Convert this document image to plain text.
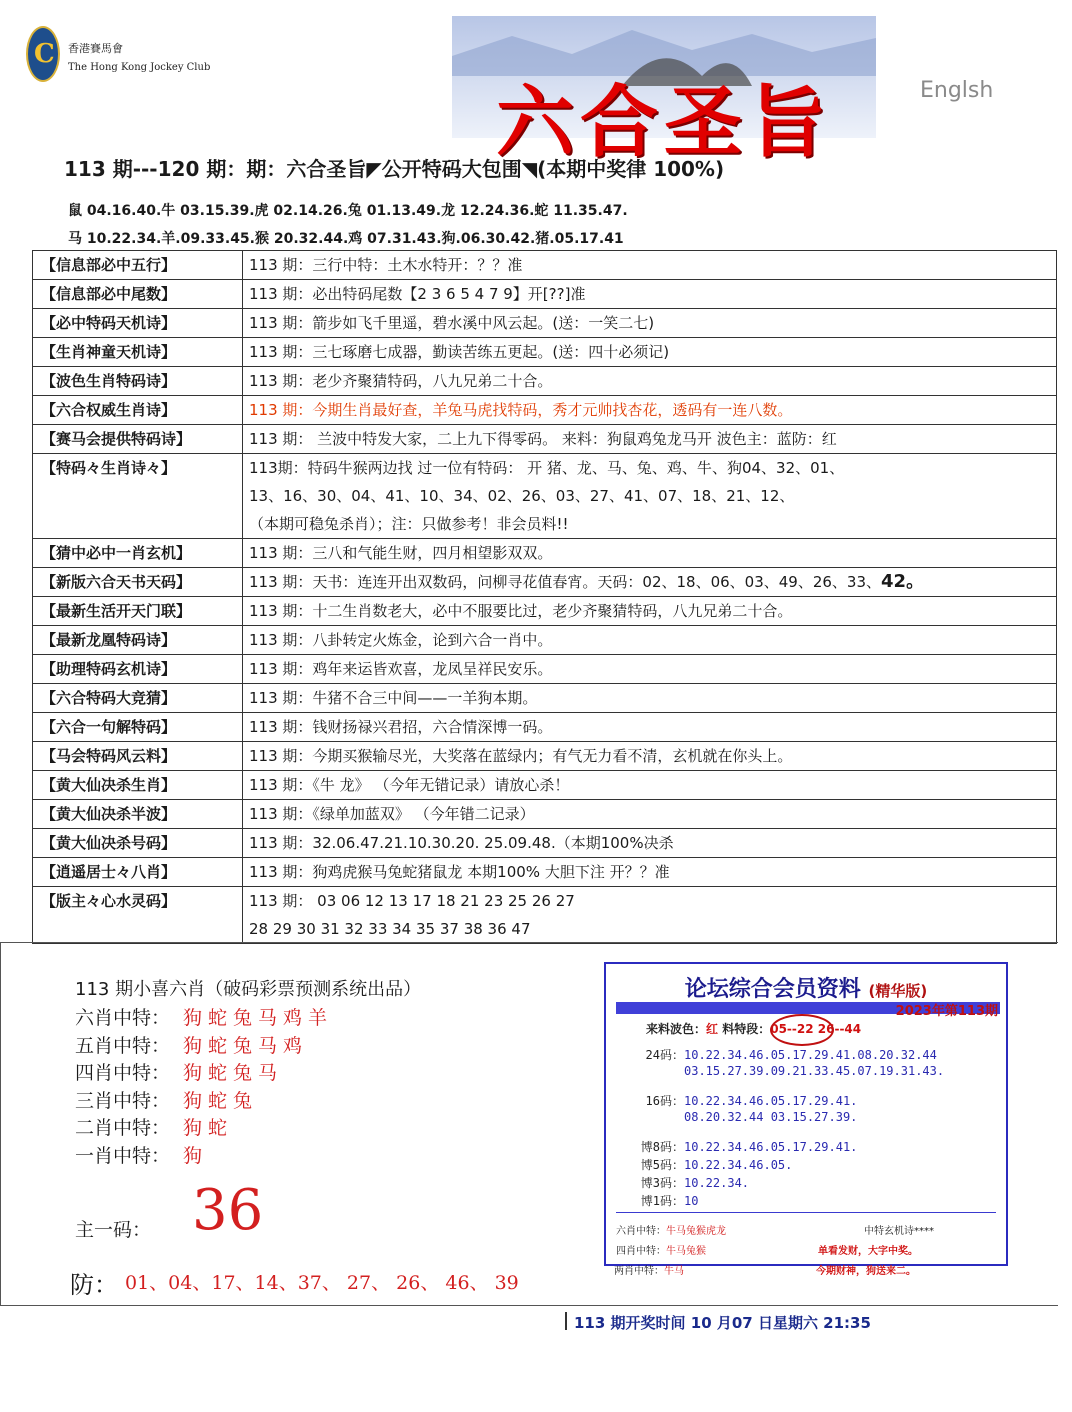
C
香港賽馬會
The Hong Kong Jockey Club
六合圣旨	Englsh
113 期---120 期：期：六合圣旨◤公开特码大包围◥(本期中奖律 100%)
鼠 04.16.40.牛 03.15.39.虎 02.14.26.兔 01.13.49.龙 12.24.36.蛇 11.35.47.
马 10.22.34.羊.09.33.45.猴 20.32.44.鸡 07.31.43.狗.06.30.42.猪.05.17.41
【信息部必中五行】	113 期：三行中特：土木水特开：？？准

【信息部必中尾数】	113 期：必出特码尾数【2 3 6 5 4 7 9】开[??]准

【必中特码天机诗】	113 期：箭步如飞千里遥，碧水溪中风云起。(送：一笑二七)

【生肖神童天机诗】	113 期：三七琢磨七成器，勤读苦练五更起。(送：四十必须记)

【波色生肖特码诗】	113 期：老少齐聚猜特码，八九兄弟二十合。

【六合权威生肖诗】	113 期：今期生肖最好查，羊兔马虎找特码，秀才元帅找杏花，透码有一连八数。

【赛马会提供特码诗】	113 期： 兰波中特发大家，二上九下得零码。 来料：狗鼠鸡兔龙马开 波色主：蓝防：红

【特码々生肖诗々】	113期：特码牛猴两边找 过一位有特码： 开 猪、龙、马、兔、鸡、牛、狗04、32、01、
13、16、30、04、41、10、34、02、26、03、27、41、07、18、21、12、
（本期可稳兔杀肖）；注：只做参考！非会员料!!

【猜中必中一肖玄机】	113 期：三八和气能生财，四月相望影双双。

【新版六合天书天码】	113 期：天书：连连开出双数码，问柳寻花值春宵。天码：02、18、06、03、49、26、33、42。

【最新生活开天门联】	113 期：十二生肖数老大，必中不服要比过，老少齐聚猜特码，八九兄弟二十合。

【最新龙凰特码诗】	113 期：八卦转定火炼金，论到六合一肖中。

【助理特码玄机诗】	113 期：鸡年来运皆欢喜，龙凤呈祥民安乐。

【六合特码大竞猜】	113 期：牛猪不合三中间——一羊狗本期。

【六合一句解特码】	113 期：钱财扬禄兴君招，六合情深博一码。

【马会特码风云料】	113 期：今期买猴输尽光，大奖落在蓝绿内；有气无力看不清，玄机就在你头上。

【黄大仙决杀生肖】	113 期：《牛 龙》 （今年无错记录）请放心杀！

【黄大仙决杀半波】	113 期：《绿单加蓝双》 （今年错二记录）

【黄大仙决杀号码】	113 期：32.06.47.21.10.30.20. 25.09.48.（本期100%决杀

【逍遥居士々八肖】	113 期：狗鸡虎猴马兔蛇猪鼠龙 本期100% 大胆下注 开？？准

【版主々心水灵码】	113 期： 03 06 12 13 17 18 21 23 25 26 27
28 29 30 31 32 33 34 35 37 38 36 47
113 期小喜六肖（破码彩票预测系统出品）
六肖中特： 狗蛇兔马鸡羊
五肖中特： 狗蛇兔马鸡
四肖中特： 狗蛇兔马
三肖中特： 狗蛇兔
二肖中特： 狗蛇
一肖中特： 狗
主一码： 36
防： 01、04、17、14、37、 27、 26、 46、 39
论坛综合会员资料 (精华版)
2023年第113期
来料波色：红 料特段：05--22 26--44
24码：10.22.34.46.05.17.29.41.08.20.32.44
03.15.27.39.09.21.33.45.07.19.31.43.
16码：10.22.34.46.05.17.29.41.
08.20.32.44 03.15.27.39.
博8码：10.22.34.46.05.17.29.41.
博5码：10.22.34.46.05.
博3码：10.22.34.
博1码：10
六肖中特：牛马兔猴虎龙
四肖中特：牛马兔猴
中特玄机诗****
单看发财，大字中奖。
两肖中特：牛马	今期财神，狗送来二。
113 期开奖时间 10 月07 日星期六 21:35
